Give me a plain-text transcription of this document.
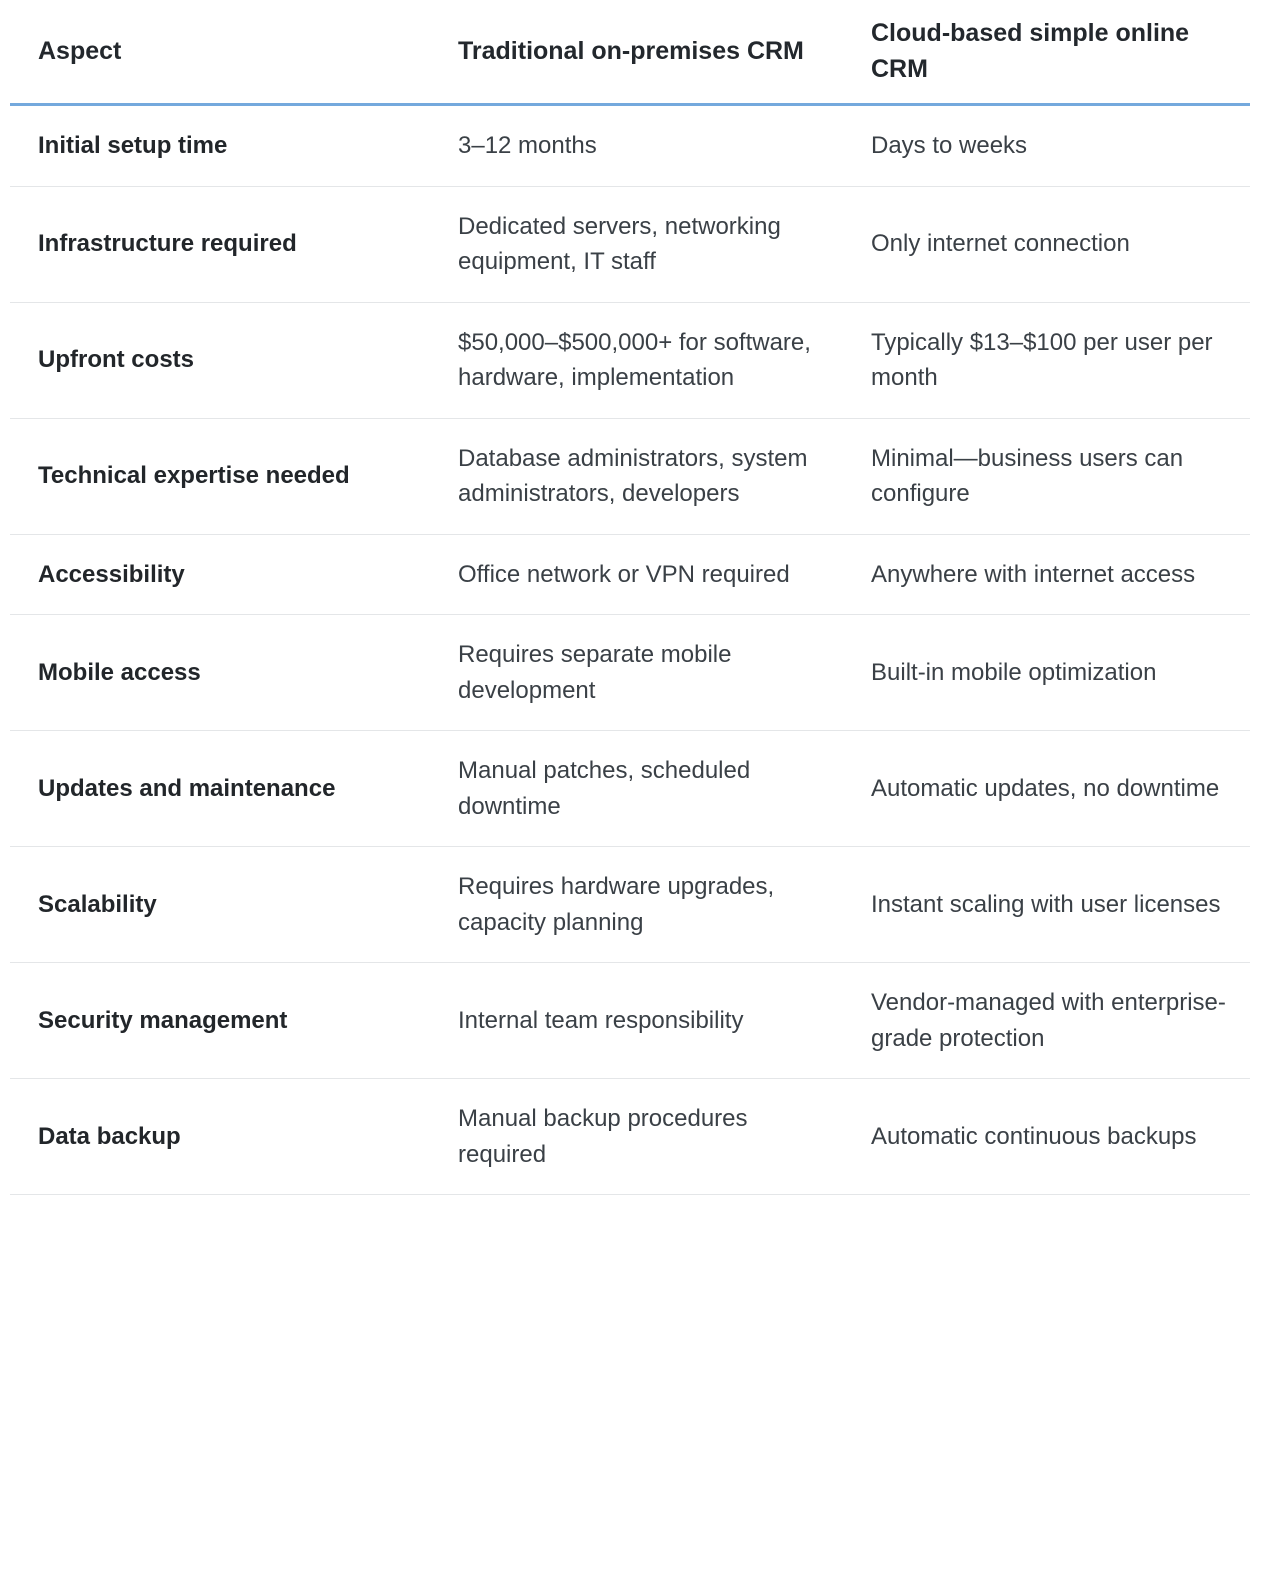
Aspect	Traditional on-premises CRM	Cloud-based simple online CRM

Initial setup time	3–12 months	Days to weeks

Infrastructure required	Dedicated servers, networking equipment, IT staff	Only internet connection

Upfront costs	$50,000–$500,000+ for software, hardware, implementation	Typically $13–$100 per user per month

Technical expertise needed	Database administrators, system administrators, developers	Minimal—business users can configure

Accessibility	Office network or VPN required	Anywhere with internet access

Mobile access	Requires separate mobile development	Built-in mobile optimization

Updates and maintenance	Manual patches, scheduled downtime	Automatic updates, no downtime

Scalability	Requires hardware upgrades, capacity planning	Instant scaling with user licenses

Security management	Internal team responsibility	Vendor-managed with enterprise-grade protection

Data backup	Manual backup procedures required	Automatic continuous backups
